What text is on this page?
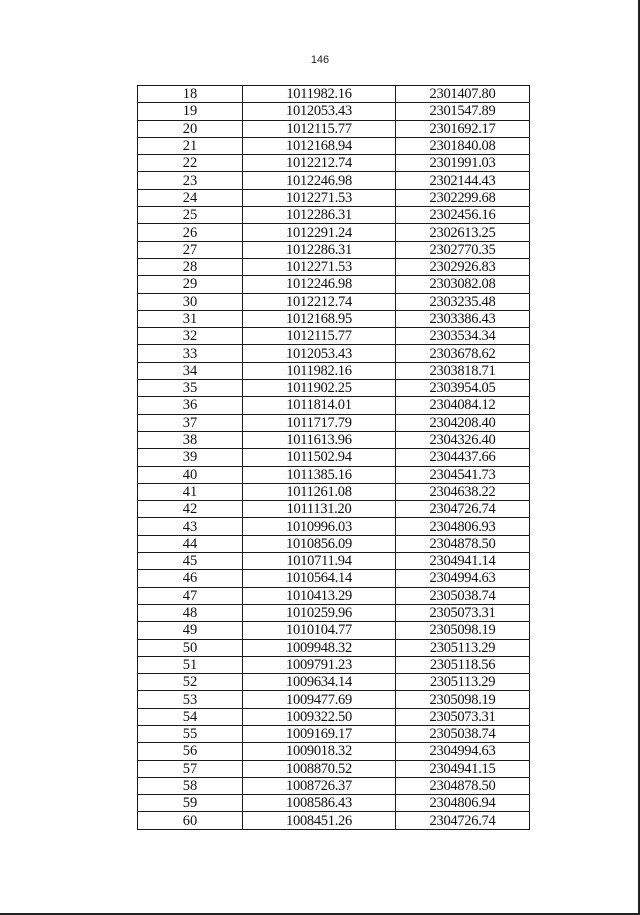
146
18	1011982.16	2301407.80
19	1012053.43	2301547.89
20	1012115.77	2301692.17
21	1012168.94	2301840.08
22	1012212.74	2301991.03
23	1012246.98	2302144.43
24	1012271.53	2302299.68
25	1012286.31	2302456.16
26	1012291.24	2302613.25
27	1012286.31	2302770.35
28	1012271.53	2302926.83
29	1012246.98	2303082.08
30	1012212.74	2303235.48
31	1012168.95	2303386.43
32	1012115.77	2303534.34
33	1012053.43	2303678.62
34	1011982.16	2303818.71
35	1011902.25	2303954.05
36	1011814.01	2304084.12
37	1011717.79	2304208.40
38	1011613.96	2304326.40
39	1011502.94	2304437.66
40	1011385.16	2304541.73
41	1011261.08	2304638.22
42	1011131.20	2304726.74
43	1010996.03	2304806.93
44	1010856.09	2304878.50
45	1010711.94	2304941.14
46	1010564.14	2304994.63
47	1010413.29	2305038.74
48	1010259.96	2305073.31
49	1010104.77	2305098.19
50	1009948.32	2305113.29
51	1009791.23	2305118.56
52	1009634.14	2305113.29
53	1009477.69	2305098.19
54	1009322.50	2305073.31
55	1009169.17	2305038.74
56	1009018.32	2304994.63
57	1008870.52	2304941.15
58	1008726.37	2304878.50
59	1008586.43	2304806.94
60	1008451.26	2304726.74
